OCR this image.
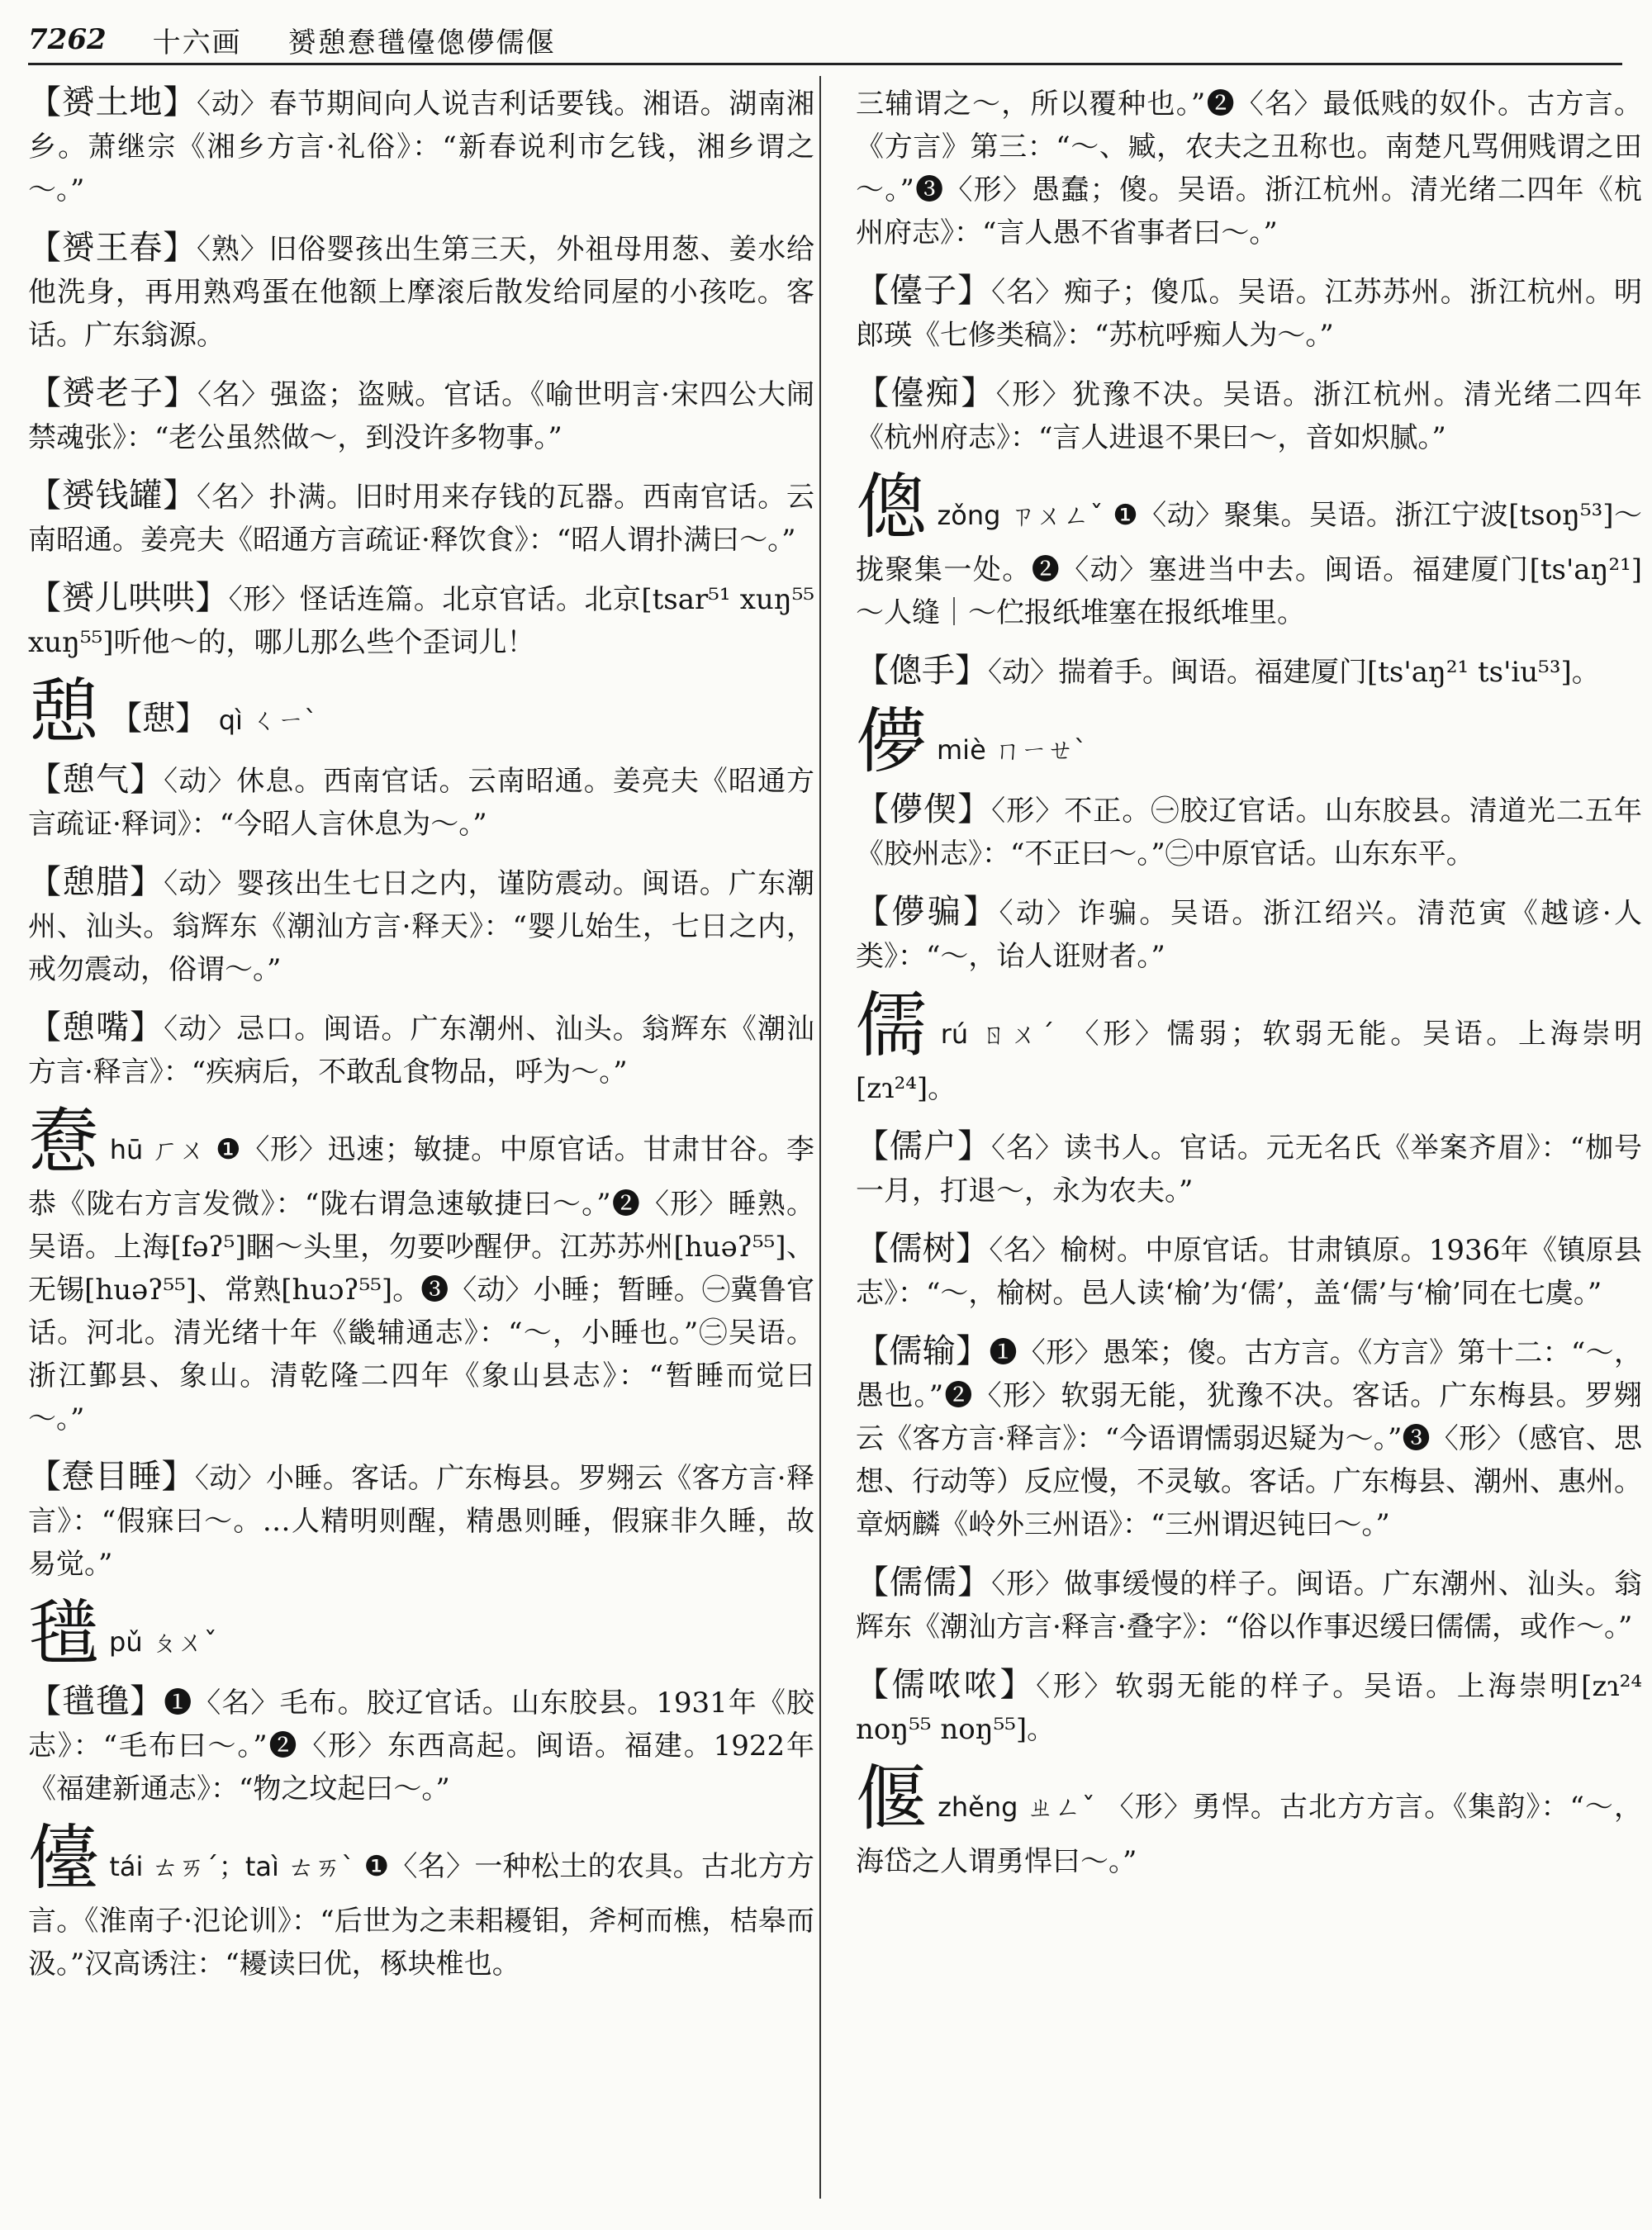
7262 十六画 赟憩憃氆儓傯儚儒偃
【赟土地】〈动〉春节期间向人说吉利话要钱。湘语。湖南湘乡。萧继宗《湘乡方言·礼俗》：“新春说利市乞钱，湘乡谓之～。”
【赟王春】〈熟〉旧俗婴孩出生第三天，外祖母用葱、姜水给他洗身，再用熟鸡蛋在他额上摩滚后散发给同屋的小孩吃。客话。广东翁源。
【赟老子】〈名〉强盗；盗贼。官话。《喻世明言·宋四公大闹禁魂张》：“老公虽然做～，到没许多物事。”
【赟钱罐】〈名〉扑满。旧时用来存钱的瓦器。西南官话。云南昭通。姜亮夫《昭通方言疏证·释饮食》：“昭人谓扑满曰～。”
【赟儿哄哄】〈形〉怪话连篇。北京官话。北京[tsar⁵¹ xuŋ⁵⁵ xuŋ⁵⁵]听他～的，哪儿那么些个歪词儿！
憩 【憇】 qì ㄑㄧˋ
【憩气】〈动〉休息。西南官话。云南昭通。姜亮夫《昭通方言疏证·释词》：“今昭人言休息为～。”
【憩腊】〈动〉婴孩出生七日之内，谨防震动。闽语。广东潮州、汕头。翁辉东《潮汕方言·释天》：“婴儿始生，七日之内，戒勿震动，俗谓～。”
【憩嘴】〈动〉忌口。闽语。广东潮州、汕头。翁辉东《潮汕方言·释言》：“疾病后，不敢乱食物品，呼为～。”
憃hū ㄏㄨ ❶〈形〉迅速；敏捷。中原官话。甘肃甘谷。李恭《陇右方言发微》：“陇右谓急速敏捷曰～。”❷〈形〉睡熟。吴语。上海[fəʔ⁵]睏～头里，勿要吵醒伊。江苏苏州[huəʔ⁵⁵]、无锡[huəʔ⁵⁵]、常熟[huɔʔ⁵⁵]。❸〈动〉小睡；暂睡。㊀冀鲁官话。河北。清光绪十年《畿辅通志》：“～，小睡也。”㊁吴语。浙江鄞县、象山。清乾隆二四年《象山县志》：“暂睡而觉曰～。”
【憃目睡】〈动〉小睡。客话。广东梅县。罗翙云《客方言·释言》：“假寐曰～。…人精明则醒，精愚则睡，假寐非久睡，故易觉。”
氆pǔ ㄆㄨˇ
【氆氇】❶〈名〉毛布。胶辽官话。山东胶县。1931年《胶志》：“毛布曰～。”❷〈形〉东西高起。闽语。福建。1922年《福建新通志》：“物之坟起曰～。”
儓tái ㄊㄞˊ；taì ㄊㄞˋ ❶〈名〉一种松土的农具。古北方方言。《淮南子·氾论训》：“后世为之耒耜耰钼，斧柯而樵，桔皋而汲。”汉高诱注：“耰读曰优，椓块椎也。
三辅谓之～，所以覆种也。”❷〈名〉最低贱的奴仆。古方言。《方言》第三：“～、臧，农夫之丑称也。南楚凡骂佣贱谓之田～。”❸〈形〉愚蠢；傻。吴语。浙江杭州。清光绪二四年《杭州府志》：“言人愚不省事者曰～。”
【儓子】〈名〉痴子；傻瓜。吴语。江苏苏州。浙江杭州。明郎瑛《七修类稿》：“苏杭呼痴人为～。”
【儓痴】〈形〉犹豫不决。吴语。浙江杭州。清光绪二四年《杭州府志》：“言人进退不果曰～，音如炽腻。”
傯zǒng ㄗㄨㄥˇ ❶〈动〉聚集。吴语。浙江宁波[tsoŋ⁵³]～拢聚集一处。❷〈动〉塞进当中去。闽语。福建厦门[ts'aŋ²¹]～人缝｜～伫报纸堆塞在报纸堆里。
【傯手】〈动〉揣着手。闽语。福建厦门[ts'aŋ²¹ ts'iu⁵³]。
儚miè ㄇㄧㄝˋ
【儚偰】〈形〉不正。㊀胶辽官话。山东胶县。清道光二五年《胶州志》：“不正曰～。”㊁中原官话。山东东平。
【儚骗】〈动〉诈骗。吴语。浙江绍兴。清范寅《越谚·人类》：“～，诒人诳财者。”
儒rú ㄖㄨˊ 〈形〉懦弱；软弱无能。吴语。上海崇明[zɿ²⁴]。
【儒户】〈名〉读书人。官话。元无名氏《举案齐眉》：“枷号一月，打退～，永为农夫。”
【儒树】〈名〉榆树。中原官话。甘肃镇原。1936年《镇原县志》：“～，榆树。邑人读‘榆’为‘儒’，盖‘儒’与‘榆’同在七虞。”
【儒输】❶〈形〉愚笨；傻。古方言。《方言》第十二：“～，愚也。”❷〈形〉软弱无能，犹豫不决。客话。广东梅县。罗翙云《客方言·释言》：“今语谓懦弱迟疑为～。”❸〈形〉（感官、思想、行动等）反应慢，不灵敏。客话。广东梅县、潮州、惠州。章炳麟《岭外三州语》：“三州谓迟钝曰～。”
【儒儒】〈形〉做事缓慢的样子。闽语。广东潮州、汕头。翁辉东《潮汕方言·释言·叠字》：“俗以作事迟缓曰儒儒，或作～。”
【儒哝哝】〈形〉软弱无能的样子。吴语。上海崇明[zɿ²⁴ noŋ⁵⁵ noŋ⁵⁵]。
偃zhěng ㄓㄥˇ 〈形〉勇悍。古北方方言。《集韵》：“～，海岱之人谓勇悍曰～。”
